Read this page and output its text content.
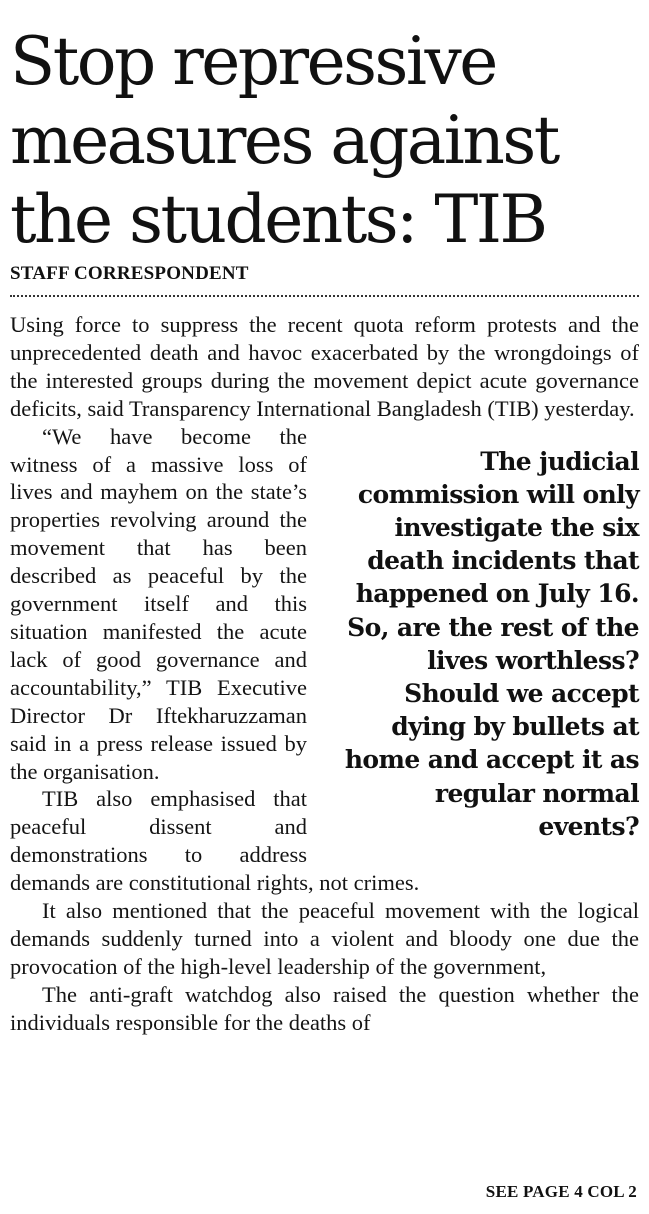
Stop repressive
measures against
the students: TIB
STAFF CORRESPONDENT

Using force to suppress the recent quota reform protests and the unprecedented death and havoc exacerbated by the wrongdoings of the interested groups during the movement depict acute governance deficits, said Transparency International Bangladesh (TIB) yesterday.

The judicial commission will only investigate the six death incidents that happened on July 16. So, are the rest of the lives worthless? Should we accept dying by bullets at home and accept it as regular normal events?

“We have become the witness of a massive loss of lives and mayhem on the state’s properties revolving around the movement that has been described as peaceful by the government itself and this situation manifested the acute lack of good governance and accountability,” TIB Executive Director Dr Iftekharuzzaman said in a press release issued by the organisation.

TIB also emphasised that peaceful dissent and demonstrations to address demands are constitutional rights, not crimes.

It also mentioned that the peaceful movement with the logical demands suddenly turned into a violent and bloody one due the provocation of the high-level leadership of the government,

The anti-graft watchdog also raised the question whether the individuals responsible for the deaths of

SEE PAGE 4 COL 2
